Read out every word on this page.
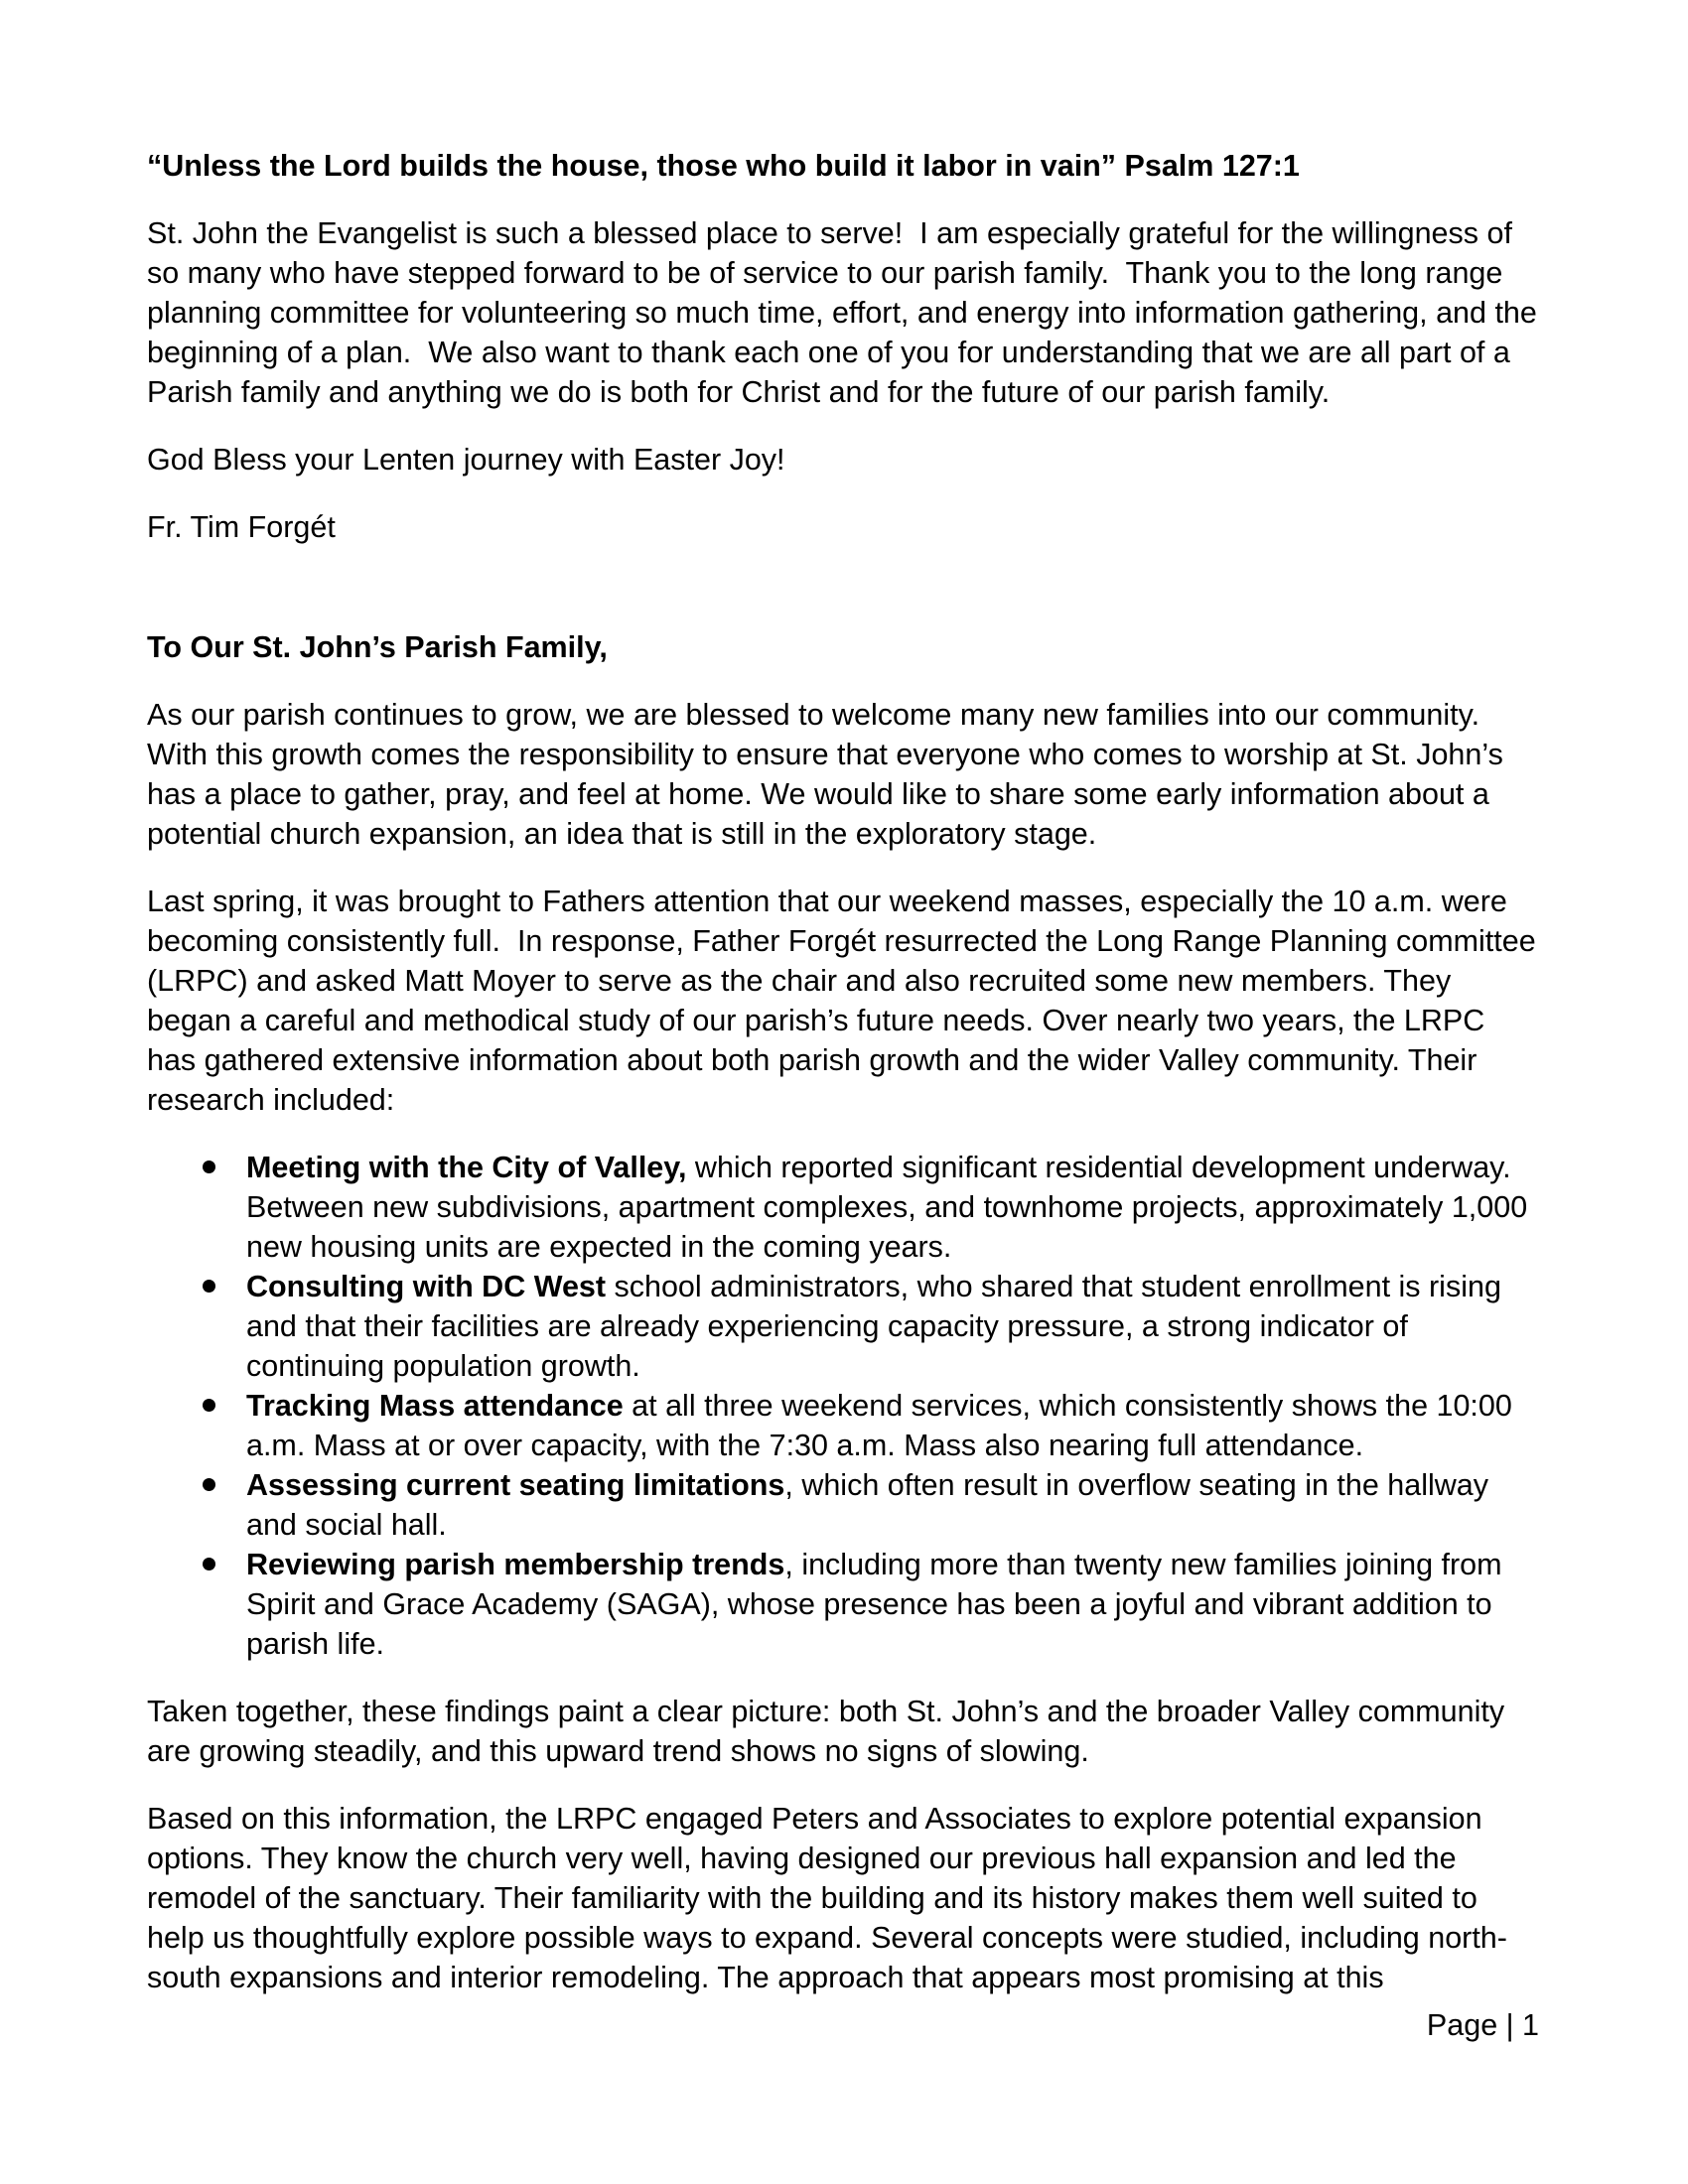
“Unless the Lord builds the house, those who build it labor in vain” Psalm 127:1

St. John the Evangelist is such a blessed place to serve!  I am especially grateful for the willingness of so many who have stepped forward to be of service to our parish family.  Thank you to the long range planning committee for volunteering so much time, effort, and energy into information gathering, and the beginning of a plan.  We also want to thank each one of you for understanding that we are all part of a Parish family and anything we do is both for Christ and for the future of our parish family.

God Bless your Lenten journey with Easter Joy!

Fr. Tim Forgét

To Our St. John’s Parish Family,

As our parish continues to grow, we are blessed to welcome many new families into our community. With this growth comes the responsibility to ensure that everyone who comes to worship at St. John’s has a place to gather, pray, and feel at home. We would like to share some early information about a potential church expansion, an idea that is still in the exploratory stage.

Last spring, it was brought to Fathers attention that our weekend masses, especially the 10 a.m. were becoming consistently full.  In response, Father Forgét resurrected the Long Range Planning committee (LRPC) and asked Matt Moyer to serve as the chair and also recruited some new members. They began a careful and methodical study of our parish’s future needs. Over nearly two years, the LRPC has gathered extensive information about both parish growth and the wider Valley community. Their research included:

Meeting with the City of Valley, which reported significant residential development underway. Between new subdivisions, apartment complexes, and townhome projects, approximately 1,000 new housing units are expected in the coming years.
Consulting with DC West school administrators, who shared that student enrollment is rising and that their facilities are already experiencing capacity pressure, a strong indicator of continuing population growth.
Tracking Mass attendance at all three weekend services, which consistently shows the 10:00 a.m. Mass at or over capacity, with the 7:30 a.m. Mass also nearing full attendance.
Assessing current seating limitations, which often result in overflow seating in the hallway and social hall.
Reviewing parish membership trends, including more than twenty new families joining from Spirit and Grace Academy (SAGA), whose presence has been a joyful and vibrant addition to parish life.

Taken together, these findings paint a clear picture: both St. John’s and the broader Valley community are growing steadily, and this upward trend shows no signs of slowing.

Based on this information, the LRPC engaged Peters and Associates to explore potential expansion options. They know the church very well, having designed our previous hall expansion and led the remodel of the sanctuary. Their familiarity with the building and its history makes them well suited to help us thoughtfully explore possible ways to expand. Several concepts were studied, including north-south expansions and interior remodeling. The approach that appears most promising at this

Page | 1
